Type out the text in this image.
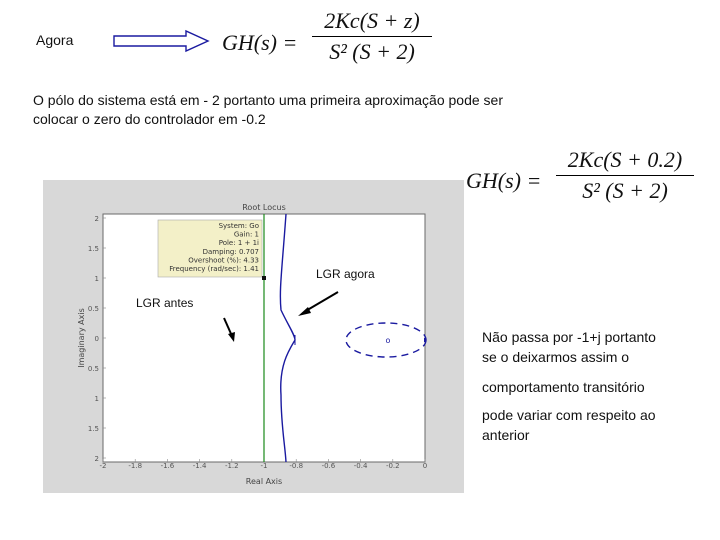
Agora	GH(s) =
2Kc(S + z)
S² (S + 2)
O pólo do sistema está em - 2 portanto uma primeira aproximação pode ser
colocar o zero do controlador em -0.2
GH(s) =
2Kc(S + 0.2)
S² (S + 2)
Root Locus
Real Axis
Imaginary Axis
-2	-1.8	-1.6	-1.4	-1.2	-1	-0.8	-0.6	-0.4	-0.2	0
2
1.5
1
0.5
0
0.5
1
1.5
2
System: Go
Gain: 1
Pole: 1 + 1i
Damping: 0.707
Overshoot (%): 4.33
Frequency (rad/sec): 1.41
o
LGR agora
LGR antes
Não passa por -1+j portanto
se o deixarmos assim o
comportamento transitório
pode variar com respeito ao
anterior
